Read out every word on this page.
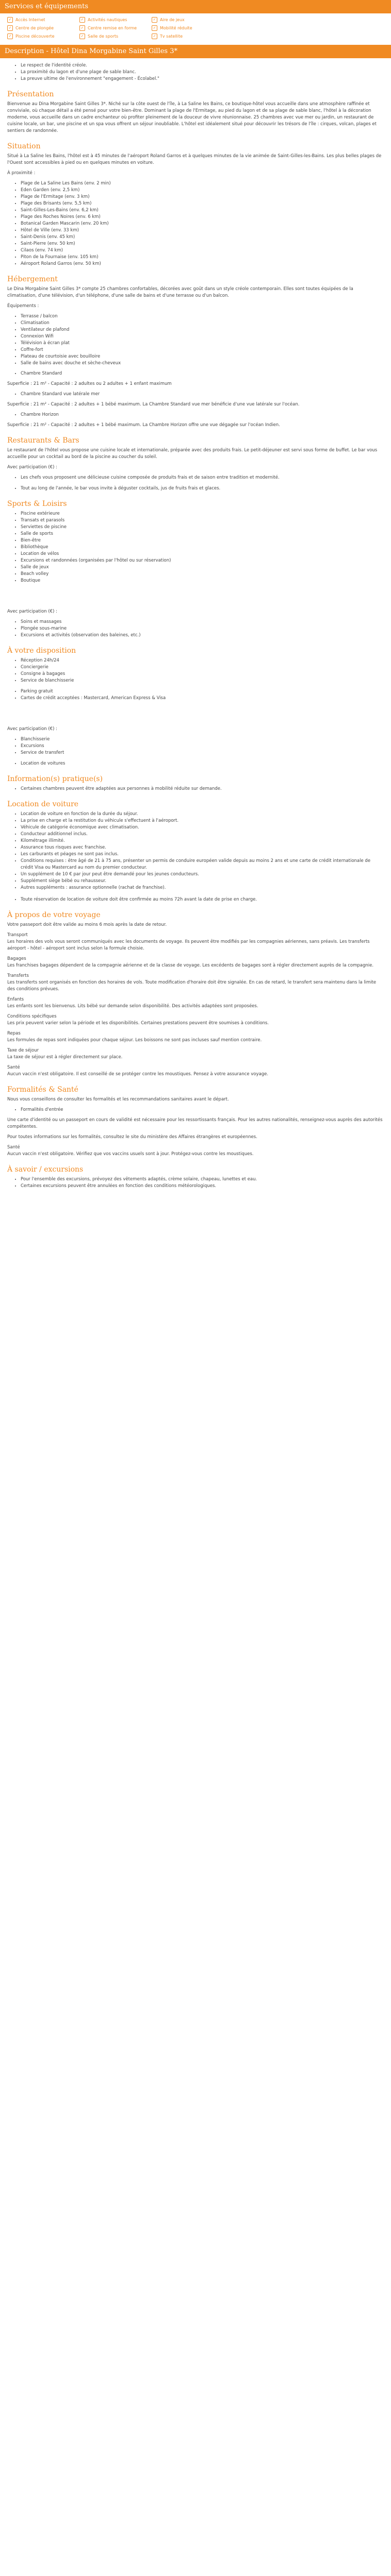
Services et équipements
✓ Accès Internet	✓ Activités nautiques	✓ Aire de jeux
✓ Centre de plongée	✓ Centre remise en forme	✓ Mobilité réduite
✓ Piscine découverte	✓ Salle de sports	✓ Tv satellite
Description - Hôtel Dina Morgabine Saint Gilles 3*
• Le respect de l'identité créole.
• La proximité du lagon et d'une plage de sable blanc.
• La preuve ultime de l'environnement "engagement - Écolabel."
Présentation

Bienvenue au Dina Morgabine Saint Gilles 3*. Niché sur la côte ouest de l'île, à La Saline les Bains, ce boutique-hôtel vous accueille dans une atmosphère raffinée et conviviale, où chaque détail a été pensé pour votre bien-être. Dominant la plage de l'Ermitage, au pied du lagon et de sa plage de sable blanc, l'hôtel à la décoration moderne, vous accueille dans un cadre enchanteur où profiter pleinement de la douceur de vivre réunionnaise. 25 chambres avec vue mer ou jardin, un restaurant de cuisine locale, un bar, une piscine et un spa vous offrent un séjour inoubliable. L'hôtel est idéalement situé pour découvrir les trésors de l'île : cirques, volcan, plages et sentiers de randonnée.

Situation

Situé à La Saline les Bains, l'hôtel est à 45 minutes de l'aéroport Roland Garros et à quelques minutes de la vie animée de Saint-Gilles-les-Bains. Les plus belles plages de l'Ouest sont accessibles à pied ou en quelques minutes en voiture.

À proximité :

• Plage de La Saline Les Bains (env. 2 min)
• Eden Garden (env. 2,5 km)
• Plage de l'Ermitage (env. 3 km)
• Plage des Brisants (env. 5,5 km)
• Saint-Gilles-Les-Bains (env. 6,2 km)
• Plage des Roches Noires (env. 6 km)
• Botanical Garden Mascarin (env. 20 km)
• Hôtel de Ville (env. 33 km)
• Saint-Denis (env. 45 km)
• Saint-Pierre (env. 50 km)
• Cilaos (env. 74 km)
• Piton de la Fournaise (env. 105 km)
• Aéroport Roland Garros (env. 50 km)
Hébergement

Le Dina Morgabine Saint Gilles 3* compte 25 chambres confortables, décorées avec goût dans un style créole contemporain. Elles sont toutes équipées de la climatisation, d'une télévision, d'un téléphone, d'une salle de bains et d'une terrasse ou d'un balcon.

Équipements :

• Terrasse / balcon
• Climatisation
• Ventilateur de plafond
• Connexion Wifi
• Télévision à écran plat
• Coffre-fort
• Plateau de courtoisie avec bouilloire
• Salle de bains avec douche et sèche-cheveux
• Chambre Standard

Superficie : 21 m² - Capacité : 2 adultes ou 2 adultes + 1 enfant maximum

• Chambre Standard vue latérale mer

Superficie : 21 m² - Capacité : 2 adultes + 1 bébé maximum. La Chambre Standard vue mer bénéficie d'une vue latérale sur l'océan.

• Chambre Horizon

Superficie : 21 m² - Capacité : 2 adultes + 1 bébé maximum. La Chambre Horizon offre une vue dégagée sur l'océan Indien.

Restaurants & Bars

Le restaurant de l'hôtel vous propose une cuisine locale et internationale, préparée avec des produits frais. Le petit-déjeuner est servi sous forme de buffet. Le bar vous accueille pour un cocktail au bord de la piscine au coucher du soleil.

Avec participation (€) :

• Les chefs vous proposent une délicieuse cuisine composée de produits frais et de saison entre tradition et modernité.
• Tout au long de l'année, le bar vous invite à déguster cocktails, jus de fruits frais et glaces.
Sports & Loisirs
• Piscine extérieure
• Transats et parasols
• Serviettes de piscine
• Salle de sports
• Bien-être
• Bibliothèque
• Location de vélos
• Excursions et randonnées (organisées par l'hôtel ou sur réservation)
• Salle de jeux
• Beach volley
• Boutique

Avec participation (€) :

• Soins et massages
• Plongée sous-marine
• Excursions et activités (observation des baleines, etc.)
À votre disposition
• Réception 24h/24
• Conciergerie
• Consigne à bagages
• Service de blanchisserie
• Parking gratuit
• Cartes de crédit acceptées : Mastercard, American Express & Visa

Avec participation (€) :

• Blanchisserie
• Excursions
• Service de transfert
• Location de voitures
Information(s) pratique(s)
• Certaines chambres peuvent être adaptées aux personnes à mobilité réduite sur demande.
Location de voiture
• Location de voiture en fonction de la durée du séjour.
• La prise en charge et la restitution du véhicule s'effectuent à l'aéroport.
• Véhicule de catégorie économique avec climatisation.
• Conducteur additionnel inclus.
• Kilométrage illimité.
• Assurance tous risques avec franchise.
• Les carburants et péages ne sont pas inclus.
• Conditions requises : être âgé de 21 à 75 ans, présenter un permis de conduire européen valide depuis au moins 2 ans et une carte de crédit internationale de crédit Visa ou Mastercard au nom du premier conducteur.
• Un supplément de 10 € par jour peut être demandé pour les jeunes conducteurs.
• Supplément siège bébé ou rehausseur.
• Autres suppléments : assurance optionnelle (rachat de franchise).
• Toute réservation de location de voiture doit être confirmée au moins 72h avant la date de prise en charge.
À propos de votre voyage

Votre passeport doit être valide au moins 6 mois après la date de retour.

Transport

Les horaires des vols vous seront communiqués avec les documents de voyage. Ils peuvent être modifiés par les compagnies aériennes, sans préavis. Les transferts aéroport - hôtel - aéroport sont inclus selon la formule choisie.

Bagages

Les franchises bagages dépendent de la compagnie aérienne et de la classe de voyage. Les excédents de bagages sont à régler directement auprès de la compagnie.

Transferts

Les transferts sont organisés en fonction des horaires de vols. Toute modification d'horaire doit être signalée. En cas de retard, le transfert sera maintenu dans la limite des conditions prévues.

Enfants

Les enfants sont les bienvenus. Lits bébé sur demande selon disponibilité. Des activités adaptées sont proposées.

Conditions spécifiques

Les prix peuvent varier selon la période et les disponibilités. Certaines prestations peuvent être soumises à conditions.

Repas

Les formules de repas sont indiquées pour chaque séjour. Les boissons ne sont pas incluses sauf mention contraire.

Taxe de séjour

La taxe de séjour est à régler directement sur place.

Santé

Aucun vaccin n'est obligatoire. Il est conseillé de se protéger contre les moustiques. Pensez à votre assurance voyage.

Formalités & Santé

Nous vous conseillons de consulter les formalités et les recommandations sanitaires avant le départ.

• Formalités d'entrée

Une carte d'identité ou un passeport en cours de validité est nécessaire pour les ressortissants français. Pour les autres nationalités, renseignez-vous auprès des autorités compétentes.

Pour toutes informations sur les formalités, consultez le site du ministère des Affaires étrangères et européennes.

Santé

Aucun vaccin n'est obligatoire. Vérifiez que vos vaccins usuels sont à jour. Protégez-vous contre les moustiques.

À savoir / excursions
• Pour l'ensemble des excursions, prévoyez des vêtements adaptés, crème solaire, chapeau, lunettes et eau.
• Certaines excursions peuvent être annulées en fonction des conditions météorologiques.
